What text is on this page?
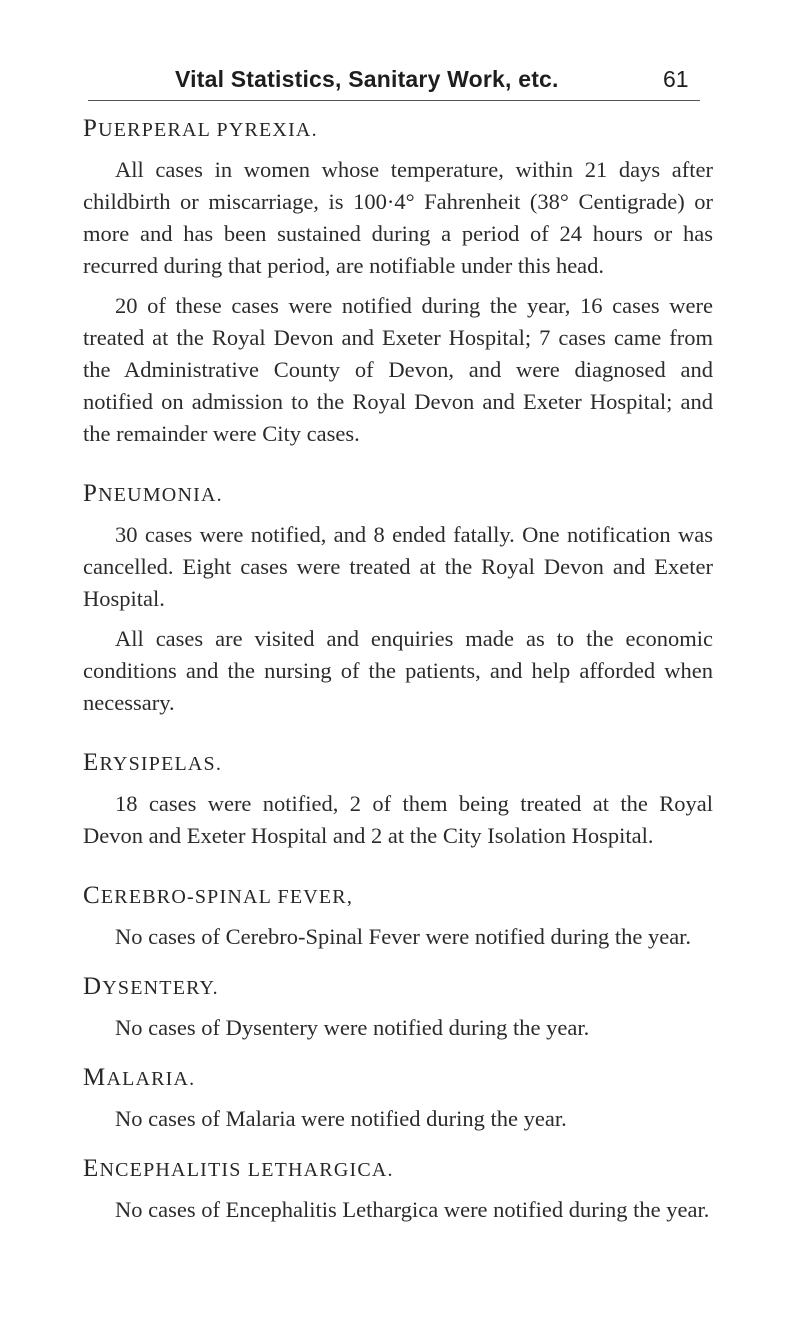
Vital Statistics, Sanitary Work, etc.	61
PUERPERAL PYREXIA.

All cases in women whose temperature, within 21 days after childbirth or miscarriage, is 100·4° Fahrenheit (38° Centigrade) or more and has been sustained during a period of 24 hours or has recurred during that period, are notifiable under this head.

20 of these cases were notified during the year, 16 cases were treated at the Royal Devon and Exeter Hospital; 7 cases came from the Administrative County of Devon, and were diagnosed and notified on admission to the Royal Devon and Exeter Hospital; and the remainder were City cases.

PNEUMONIA.

30 cases were notified, and 8 ended fatally. One notification was cancelled. Eight cases were treated at the Royal Devon and Exeter Hospital.

All cases are visited and enquiries made as to the economic conditions and the nursing of the patients, and help afforded when necessary.

ERYSIPELAS.

18 cases were notified, 2 of them being treated at the Royal Devon and Exeter Hospital and 2 at the City Isolation Hospital.

CEREBRO-SPINAL FEVER,

No cases of Cerebro-Spinal Fever were notified during the year.

DYSENTERY.

No cases of Dysentery were notified during the year.

MALARIA.

No cases of Malaria were notified during the year.

ENCEPHALITIS LETHARGICA.

No cases of Encephalitis Lethargica were notified during the year.
